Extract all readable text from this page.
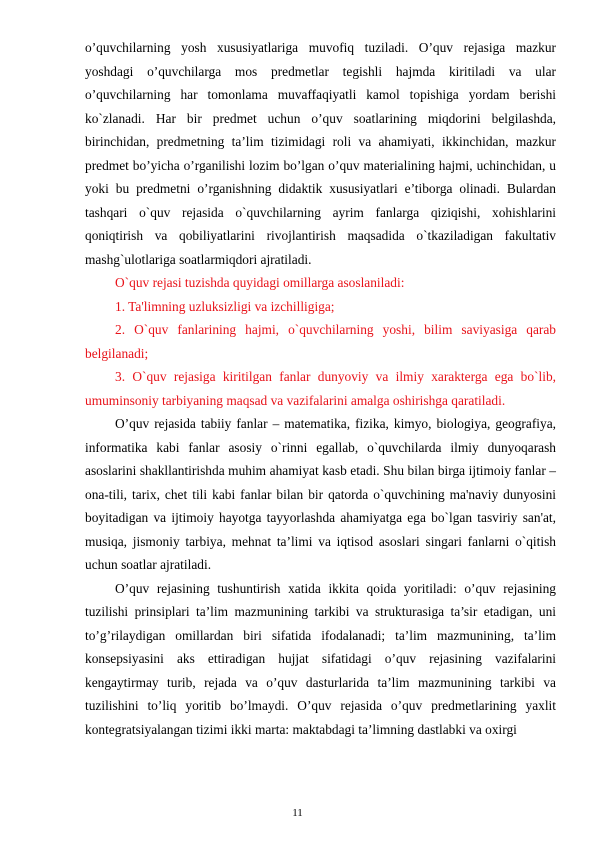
o’quvchilarning yosh xususiyatlariga muvofiq tuziladi. O’quv rejasiga mazkur yoshdagi o’quvchilarga mos predmetlar tegishli hajmda kiritiladi va ular o’quvchilarning har tomonlama muvaffaqiyatli kamol topishiga yordam berishi ko`zlanadi. Har bir predmet uchun o’quv soatlarining miqdorini belgilashda, birinchidan, predmetning ta’lim tizimidagi roli va ahamiyati, ikkinchidan, mazkur predmet bo’yicha o’rganilishi lozim bo’lgan o’quv materialining hajmi, uchinchidan, u yoki bu predmetni o’rganishning didaktik xususiyatlari e’tiborga olinadi. Bulardan tashqari o`quv rejasida o`quvchilarning ayrim fanlarga qiziqishi, xohishlarini qoniqtirish va qobiliyatlarini rivojlantirish maqsadida o`tkaziladigan fakultativ mashg`ulotlariga soatlarmiqdori ajratiladi.

O`quv rejasi tuzishda quyidagi omillarga asoslaniladi:

1. Ta'limning uzluksizligi va izchilligiga;

2. O`quv fanlarining hajmi, o`quvchilarning yoshi, bilim saviyasiga qarab belgilanadi;

3. O`quv rejasiga kiritilgan fanlar dunyoviy va ilmiy xarakterga ega bo`lib, umuminsoniy tarbiyaning maqsad va vazifalarini amalga oshirishga qaratiladi.

O’quv rejasida tabiiy fanlar – matematika, fizika, kimyo, biologiya, geografiya, informatika kabi fanlar asosiy o`rinni egallab, o`quvchilarda ilmiy dunyoqarash asoslarini shakllantirishda muhim ahamiyat kasb etadi. Shu bilan birga ijtimoiy fanlar – ona-tili, tarix, chet tili kabi fanlar bilan bir qatorda o`quvchining ma'naviy dunyosini boyitadigan va ijtimoiy hayotga tayyorlashda ahamiyatga ega bo`lgan tasviriy san'at, musiqa, jismoniy tarbiya, mehnat ta’limi va iqtisod asoslari singari fanlarni o`qitish uchun soatlar ajratiladi.

O’quv rejasining tushuntirish xatida ikkita qoida yoritiladi: o’quv rejasining tuzilishi prinsiplari ta’lim mazmunining tarkibi va strukturasiga ta’sir etadigan, uni to’g’rilaydigan omillardan biri sifatida ifodalanadi; ta’lim mazmunining, ta’lim konsepsiyasini aks ettiradigan hujjat sifatidagi o’quv rejasining vazifalarini kengaytirmay turib, rejada va o’quv dasturlarida ta’lim mazmunining tarkibi va tuzilishini to’liq yoritib bo’lmaydi. O’quv rejasida o’quv predmetlarining yaxlit kontegratsiyalangan tizimi ikki marta: maktabdagi ta’limning dastlabki va oxirgi

11
